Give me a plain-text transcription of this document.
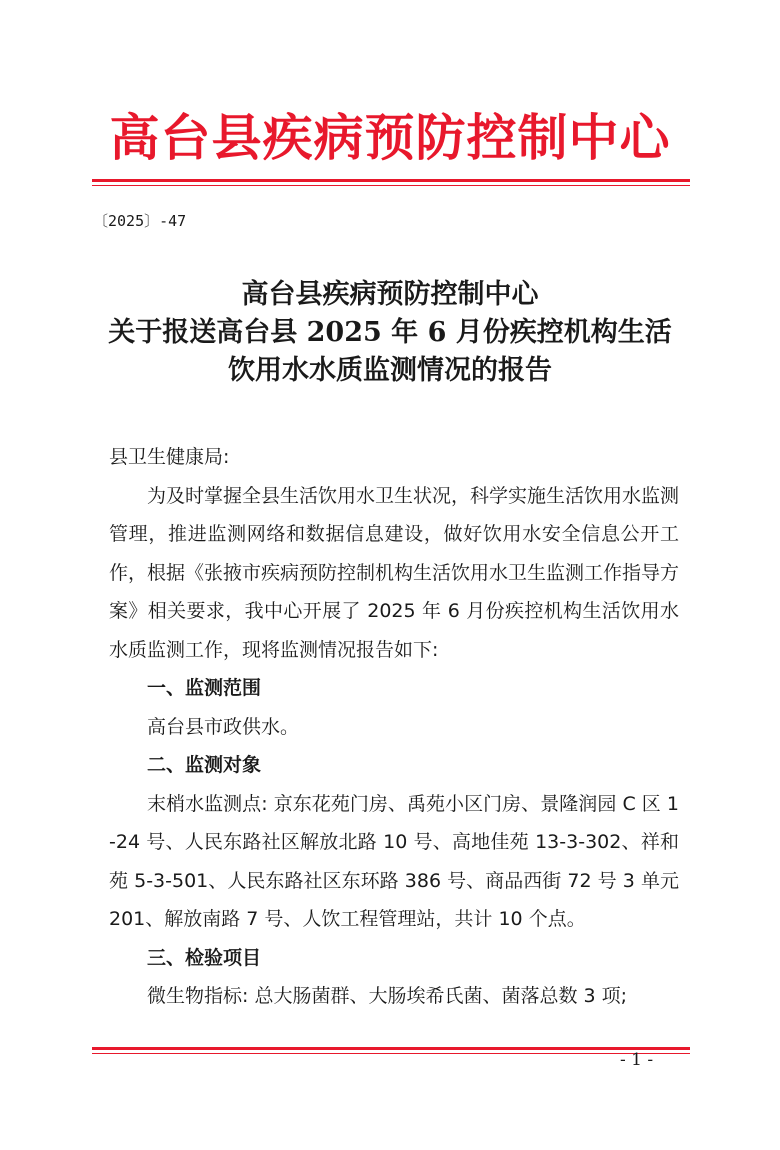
高台县疾病预防控制中心
〔2025〕-47
高台县疾病预防控制中心
关于报送高台县 2025 年 6 月份疾控机构生活
饮用水水质监测情况的报告

县卫生健康局:

为及时掌握全县生活饮用水卫生状况，科学实施生活饮用水监测管理，推进监测网络和数据信息建设，做好饮用水安全信息公开工作，根据《张掖市疾病预防控制机构生活饮用水卫生监测工作指导方案》相关要求，我中心开展了 2025 年 6 月份疾控机构生活饮用水水质监测工作，现将监测情况报告如下:

一、监测范围

高台县市政供水。

二、监测对象

末梢水监测点: 京东花苑门房、禹苑小区门房、景隆润园 C 区 1-24 号、人民东路社区解放北路 10 号、高地佳苑 13-3-302、祥和苑 5-3-501、人民东路社区东环路 386 号、商品西街 72 号 3 单元 201、解放南路 7 号、人饮工程管理站，共计 10 个点。

三、检验项目

微生物指标: 总大肠菌群、大肠埃希氏菌、菌落总数 3 项;

- 1 -
